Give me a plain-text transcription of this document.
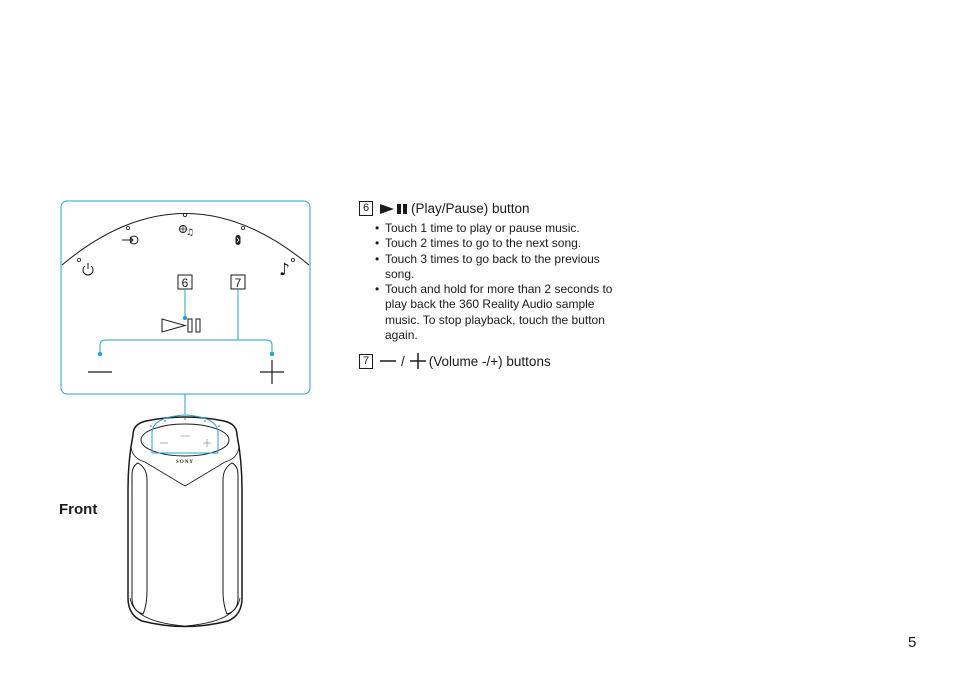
♫
♪
6	7
SONY
Front
6	(Play/Pause) button
• Touch 1 time to play or pause music.
• Touch 2 times to go to the next song.
• Touch 3 times to go back to the previous song.
• Touch and hold for more than 2 seconds to play back the 360 Reality Audio sample music. To stop playback, touch the button again.
7 / (Volume -/+) buttons
5
